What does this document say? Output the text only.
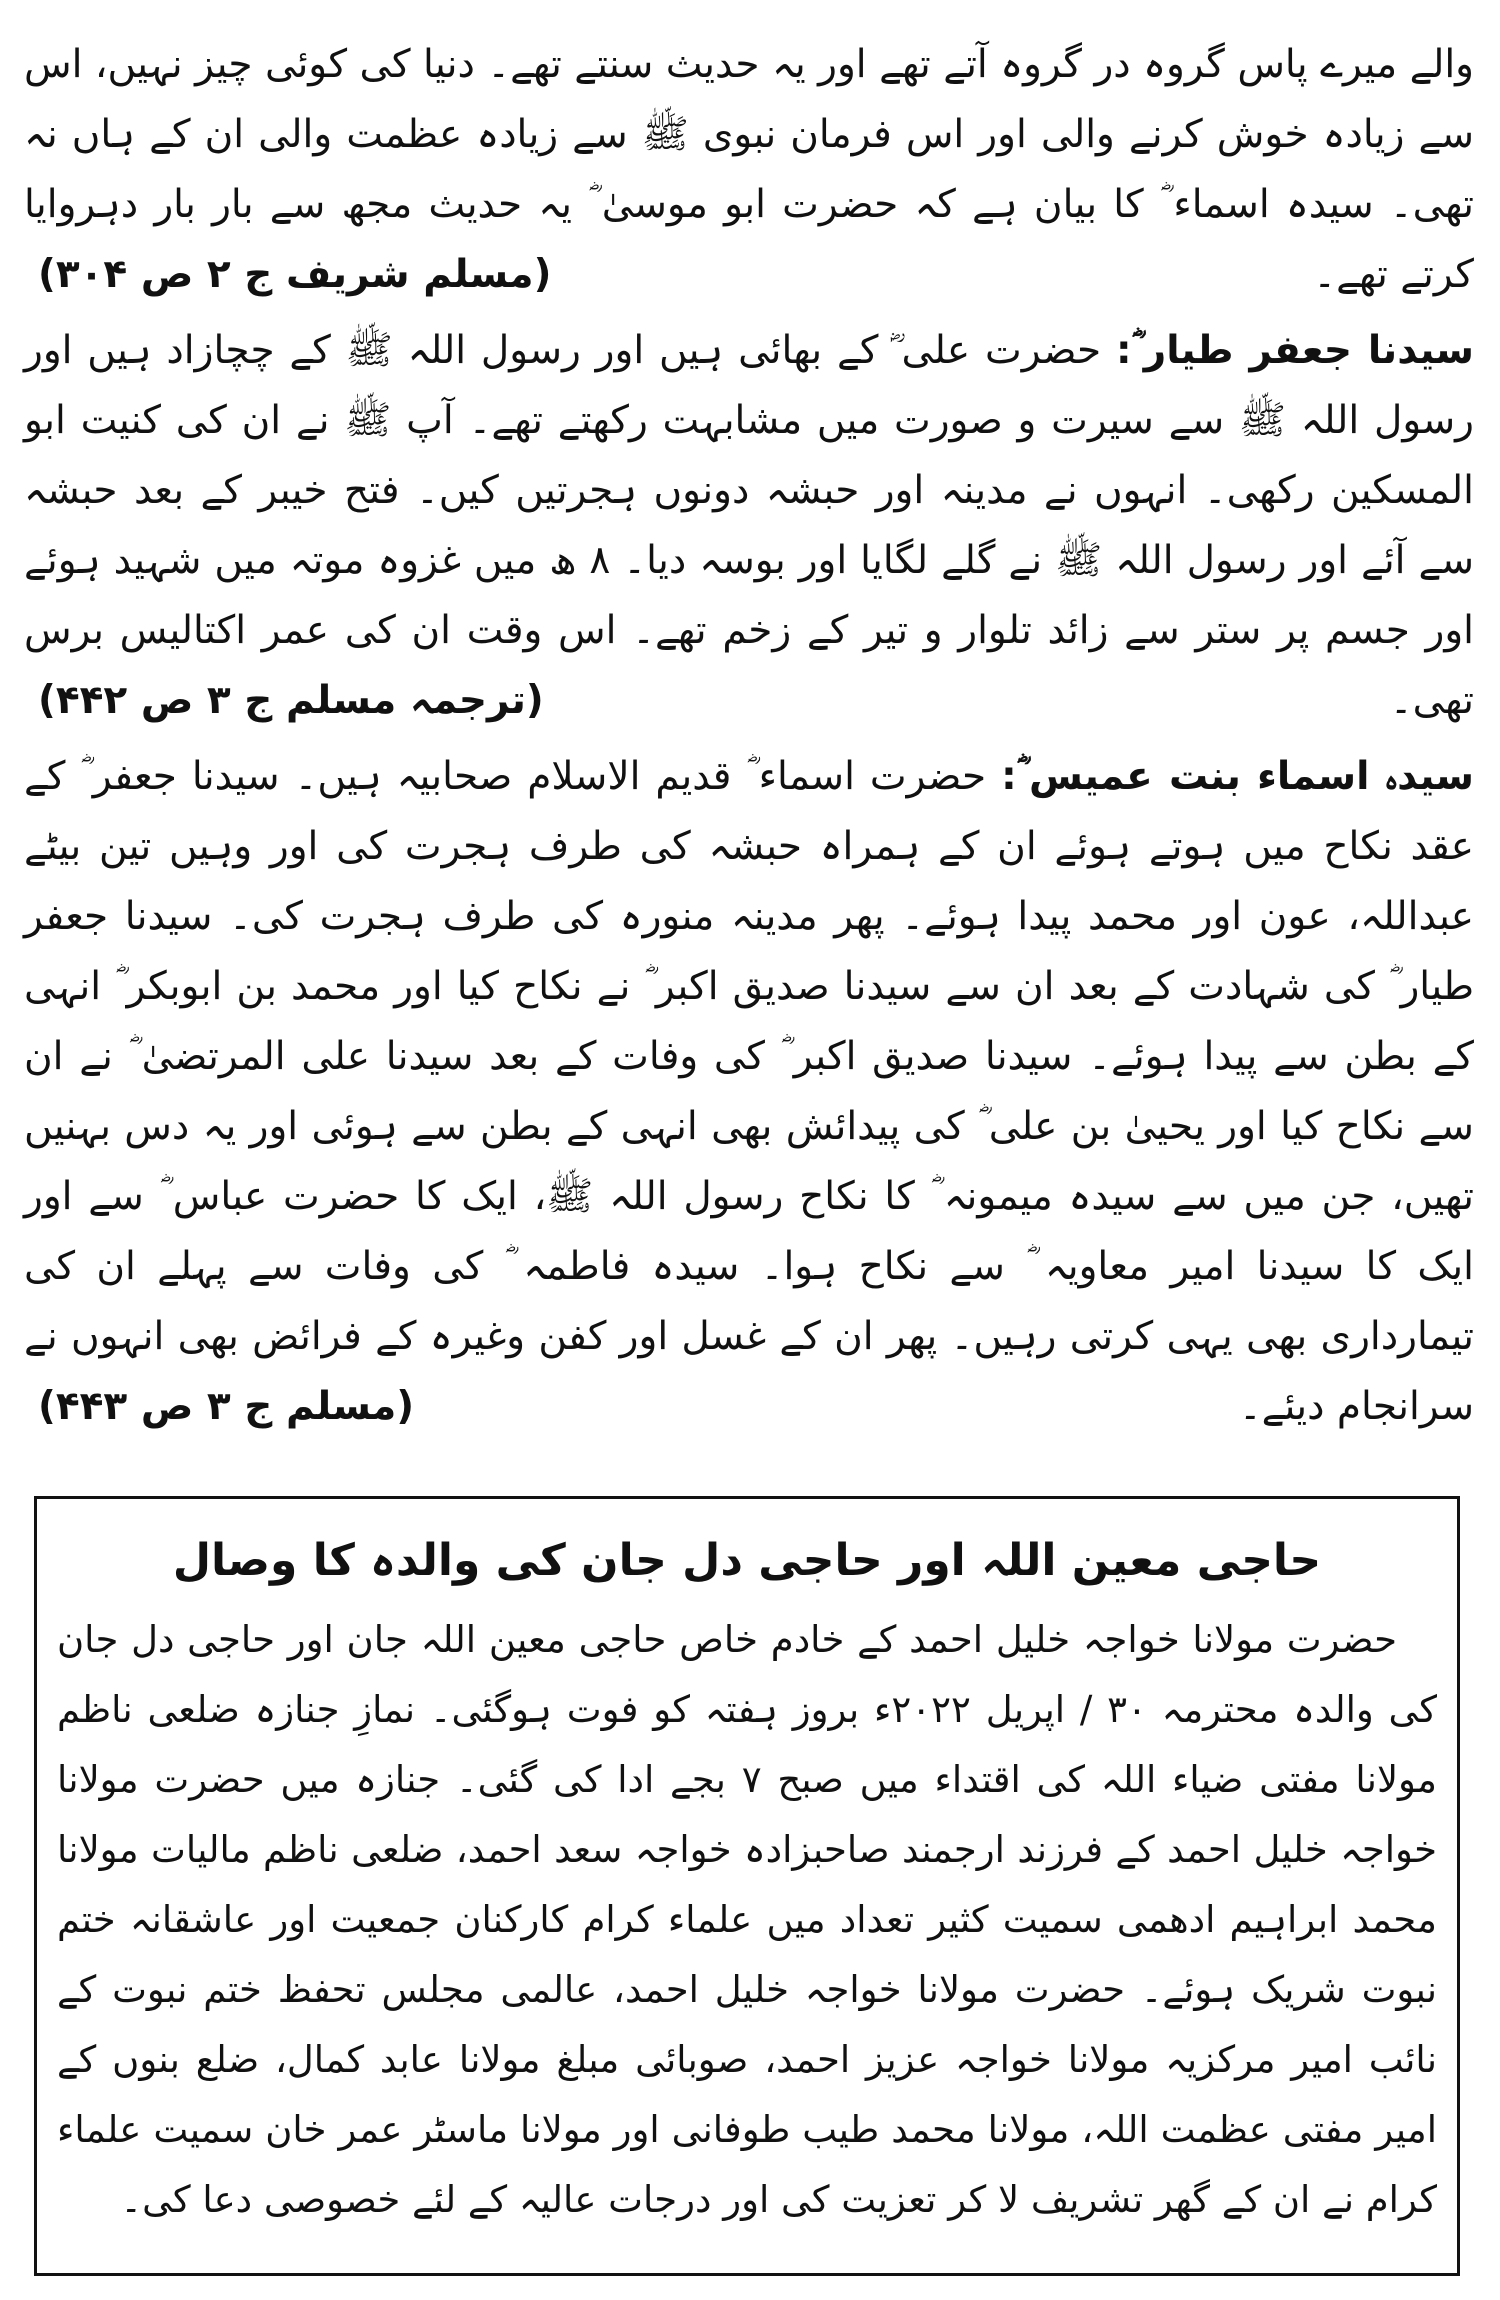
والے میرے پاس گروہ در گروہ آتے تھے اور یہ حدیث سنتے تھے۔ دنیا کی کوئی چیز نہیں، اس سے زیادہ خوش کرنے والی اور اس فرمان نبوی ﷺ سے زیادہ عظمت والی ان کے ہاں نہ تھی۔ سیدہ اسماء ؓ کا بیان ہے کہ حضرت ابو موسیٰ ؓ یہ حدیث مجھ سے بار بار دہروایا کرتے تھے۔
(مسلم شریف ج ۲ ص ۳۰۴)

سیدنا جعفر طیار ؓ: حضرت علی ؓ کے بھائی ہیں اور رسول اللہ ﷺ کے چچازاد ہیں اور رسول اللہ ﷺ سے سیرت و صورت میں مشابہت رکھتے تھے۔ آپ ﷺ نے ان کی کنیت ابو المسکین رکھی۔ انہوں نے مدینہ اور حبشہ دونوں ہجرتیں کیں۔ فتح خیبر کے بعد حبشہ سے آئے اور رسول اللہ ﷺ نے گلے لگایا اور بوسہ دیا۔ ۸ ھ میں غزوہ موتہ میں شہید ہوئے اور جسم پر ستر سے زائد تلوار و تیر کے زخم تھے۔ اس وقت ان کی عمر اکتالیس برس تھی۔
(ترجمہ مسلم ج ۳ ص ۴۴۲)

سیدہ اسماء بنت عمیس ؓ: حضرت اسماء ؓ قدیم الاسلام صحابیہ ہیں۔ سیدنا جعفر ؓ کے عقد نکاح میں ہوتے ہوئے ان کے ہمراہ حبشہ کی طرف ہجرت کی اور وہیں تین بیٹے عبداللہ، عون اور محمد پیدا ہوئے۔ پھر مدینہ منورہ کی طرف ہجرت کی۔ سیدنا جعفر طیار ؓ کی شہادت کے بعد ان سے سیدنا صدیق اکبر ؓ نے نکاح کیا اور محمد بن ابوبکر ؓ انہی کے بطن سے پیدا ہوئے۔ سیدنا صدیق اکبر ؓ کی وفات کے بعد سیدنا علی المرتضیٰ ؓ نے ان سے نکاح کیا اور یحییٰ بن علی ؓ کی پیدائش بھی انہی کے بطن سے ہوئی اور یہ دس بہنیں تھیں، جن میں سے سیدہ میمونہ ؓ کا نکاح رسول اللہ ﷺ، ایک کا حضرت عباس ؓ سے اور ایک کا سیدنا امیر معاویہ ؓ سے نکاح ہوا۔ سیدہ فاطمہ ؓ کی وفات سے پہلے ان کی تیمارداری بھی یہی کرتی رہیں۔ پھر ان کے غسل اور کفن وغیرہ کے فرائض بھی انہوں نے سرانجام دیئے۔
(مسلم ج ۳ ص ۴۴۳)

حاجی معین اللہ اور حاجی دل جان کی والدہ کا وصال

حضرت مولانا خواجہ خلیل احمد کے خادم خاص حاجی معین اللہ جان اور حاجی دل جان کی والدہ محترمہ ۳۰ / اپریل ۲۰۲۲ء بروز ہفتہ کو فوت ہوگئی۔ نمازِ جنازہ ضلعی ناظم مولانا مفتی ضیاء اللہ کی اقتداء میں صبح ۷ بجے ادا کی گئی۔ جنازہ میں حضرت مولانا خواجہ خلیل احمد کے فرزند ارجمند صاحبزادہ خواجہ سعد احمد، ضلعی ناظم مالیات مولانا محمد ابراہیم ادھمی سمیت کثیر تعداد میں علماء کرام کارکنان جمعیت اور عاشقانہ ختم نبوت شریک ہوئے۔ حضرت مولانا خواجہ خلیل احمد، عالمی مجلس تحفظ ختم نبوت کے نائب امیر مرکزیہ مولانا خواجہ عزیز احمد، صوبائی مبلغ مولانا عابد کمال، ضلع بنوں کے امیر مفتی عظمت اللہ، مولانا محمد طیب طوفانی اور مولانا ماسٹر عمر خان سمیت علماء کرام نے ان کے گھر تشریف لا کر تعزیت کی اور درجات عالیہ کے لئے خصوصی دعا کی۔
